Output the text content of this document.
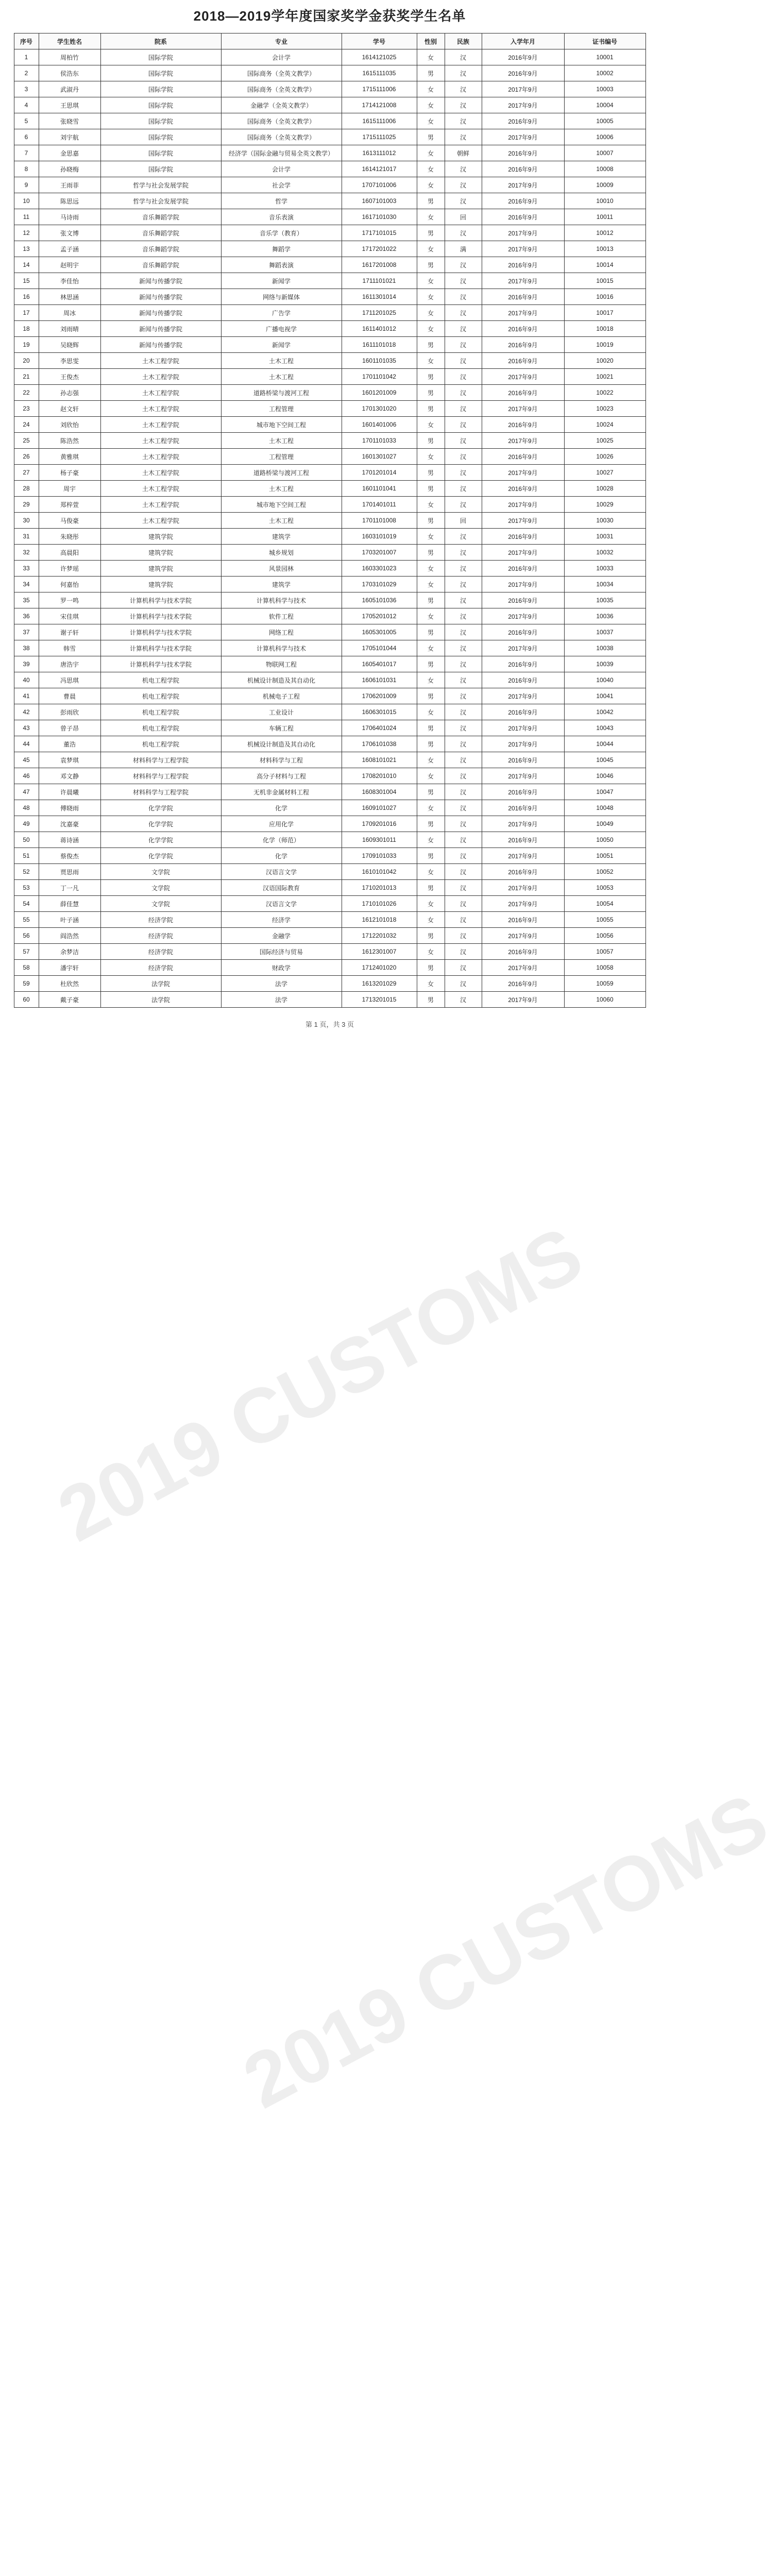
2018—2019学年度国家奖学金获奖学生名单
序号	学生姓名	院系	专业	学号	性别	民族	入学年月	证书编号
1	周柏竹	国际学院	会计学	1614121025	女	汉	2016年9月	10001
2	侯浩东	国际学院	国际商务（全英文教学）	1615111035	男	汉	2016年9月	10002
3	武淑丹	国际学院	国际商务（全英文教学）	1715111006	女	汉	2017年9月	10003
4	王思琪	国际学院	金融学（全英文教学）	1714121008	女	汉	2017年9月	10004
5	张晓雪	国际学院	国际商务（全英文教学）	1615111006	女	汉	2016年9月	10005
6	刘宇航	国际学院	国际商务（全英文教学）	1715111025	男	汉	2017年9月	10006
7	金思嘉	国际学院	经济学（国际金融与贸易全英文教学）	1613111012	女	朝鲜	2016年9月	10007
8	孙晓梅	国际学院	会计学	1614121017	女	汉	2016年9月	10008
9	王雨菲	哲学与社会发展学院	社会学	1707101006	女	汉	2017年9月	10009
10	陈思远	哲学与社会发展学院	哲学	1607101003	男	汉	2016年9月	10010
11	马诗雨	音乐舞蹈学院	音乐表演	1617101030	女	回	2016年9月	10011
12	张文博	音乐舞蹈学院	音乐学（教育）	1717101015	男	汉	2017年9月	10012
13	孟子涵	音乐舞蹈学院	舞蹈学	1717201022	女	满	2017年9月	10013
14	赵明宇	音乐舞蹈学院	舞蹈表演	1617201008	男	汉	2016年9月	10014
15	李佳怡	新闻与传播学院	新闻学	1711101021	女	汉	2017年9月	10015
16	林思涵	新闻与传播学院	网络与新媒体	1611301014	女	汉	2016年9月	10016
17	周冰	新闻与传播学院	广告学	1711201025	女	汉	2017年9月	10017
18	刘雨晴	新闻与传播学院	广播电视学	1611401012	女	汉	2016年9月	10018
19	吴晓辉	新闻与传播学院	新闻学	1611101018	男	汉	2016年9月	10019
20	李思雯	土木工程学院	土木工程	1601101035	女	汉	2016年9月	10020
21	王俊杰	土木工程学院	土木工程	1701101042	男	汉	2017年9月	10021
22	孙志强	土木工程学院	道路桥梁与渡河工程	1601201009	男	汉	2016年9月	10022
23	赵文轩	土木工程学院	工程管理	1701301020	男	汉	2017年9月	10023
24	刘欣怡	土木工程学院	城市地下空间工程	1601401006	女	汉	2016年9月	10024
25	陈浩然	土木工程学院	土木工程	1701101033	男	汉	2017年9月	10025
26	黄雅琪	土木工程学院	工程管理	1601301027	女	汉	2016年9月	10026
27	杨子豪	土木工程学院	道路桥梁与渡河工程	1701201014	男	汉	2017年9月	10027
28	周宇	土木工程学院	土木工程	1601101041	男	汉	2016年9月	10028
29	郑梓萱	土木工程学院	城市地下空间工程	1701401011	女	汉	2017年9月	10029
30	马俊豪	土木工程学院	土木工程	1701101008	男	回	2017年9月	10030
31	朱晓彤	建筑学院	建筑学	1603101019	女	汉	2016年9月	10031
32	高晨阳	建筑学院	城乡规划	1703201007	男	汉	2017年9月	10032
33	许梦瑶	建筑学院	风景园林	1603301023	女	汉	2016年9月	10033
34	何嘉怡	建筑学院	建筑学	1703101029	女	汉	2017年9月	10034
35	罗一鸣	计算机科学与技术学院	计算机科学与技术	1605101036	男	汉	2016年9月	10035
36	宋佳琪	计算机科学与技术学院	软件工程	1705201012	女	汉	2017年9月	10036
37	谢子轩	计算机科学与技术学院	网络工程	1605301005	男	汉	2016年9月	10037
38	韩雪	计算机科学与技术学院	计算机科学与技术	1705101044	女	汉	2017年9月	10038
39	唐浩宇	计算机科学与技术学院	物联网工程	1605401017	男	汉	2016年9月	10039
40	冯思琪	机电工程学院	机械设计制造及其自动化	1606101031	女	汉	2016年9月	10040
41	曹晨	机电工程学院	机械电子工程	1706201009	男	汉	2017年9月	10041
42	彭雨欣	机电工程学院	工业设计	1606301015	女	汉	2016年9月	10042
43	曾子昂	机电工程学院	车辆工程	1706401024	男	汉	2017年9月	10043
44	董浩	机电工程学院	机械设计制造及其自动化	1706101038	男	汉	2017年9月	10044
45	袁梦琪	材料科学与工程学院	材料科学与工程	1608101021	女	汉	2016年9月	10045
46	邓文静	材料科学与工程学院	高分子材料与工程	1708201010	女	汉	2017年9月	10046
47	许晨曦	材料科学与工程学院	无机非金属材料工程	1608301004	男	汉	2016年9月	10047
48	傅晓雨	化学学院	化学	1609101027	女	汉	2016年9月	10048
49	沈嘉豪	化学学院	应用化学	1709201016	男	汉	2017年9月	10049
50	蒋诗涵	化学学院	化学（师范）	1609301011	女	汉	2016年9月	10050
51	蔡俊杰	化学学院	化学	1709101033	男	汉	2017年9月	10051
52	贾思雨	文学院	汉语言文学	1610101042	女	汉	2016年9月	10052
53	丁一凡	文学院	汉语国际教育	1710201013	男	汉	2017年9月	10053
54	薛佳慧	文学院	汉语言文学	1710101026	女	汉	2017年9月	10054
55	叶子涵	经济学院	经济学	1612101018	女	汉	2016年9月	10055
56	阎浩然	经济学院	金融学	1712201032	男	汉	2017年9月	10056
57	余梦洁	经济学院	国际经济与贸易	1612301007	女	汉	2016年9月	10057
58	潘宇轩	经济学院	财政学	1712401020	男	汉	2017年9月	10058
59	杜欣然	法学院	法学	1613201029	女	汉	2016年9月	10059
60	戴子豪	法学院	法学	1713201015	男	汉	2017年9月	10060
第 1 页，共 3 页
2019 CUSTOMS
2019 CUSTOMS
